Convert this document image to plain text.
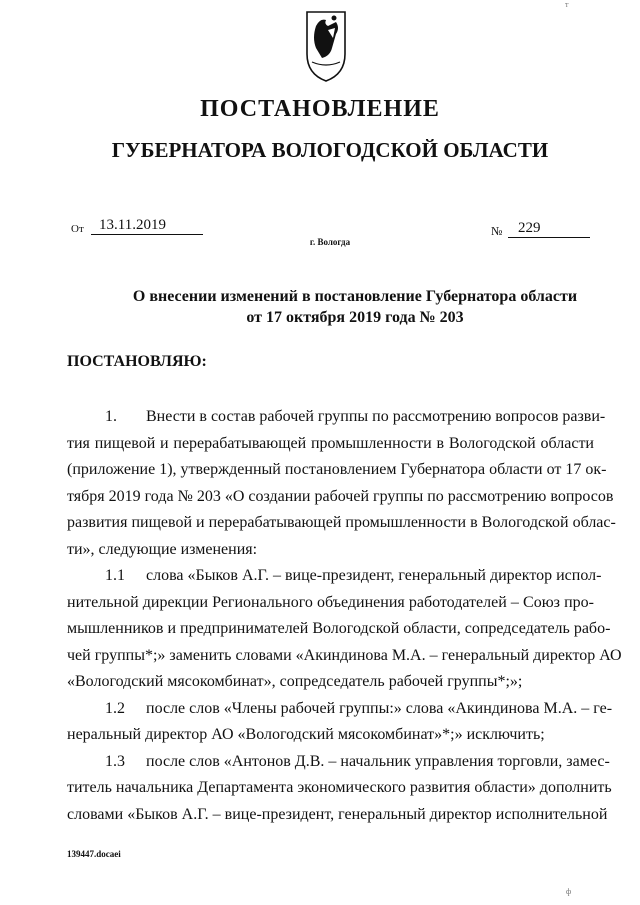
т
ПОСТАНОВЛЕНИЕ
ГУБЕРНАТОРА ВОЛОГОДСКОЙ ОБЛАСТИ
От	13.11.2019	№	229
г. Вологда
О внесении изменений в постановление Губернатора области
от 17 октября 2019 года № 203
ПОСТАНОВЛЯЮ:
1. Внести в состав рабочей группы по рассмотрению вопросов разви-
тия пищевой и перерабатывающей промышленности в Вологодской области
(приложение 1), утвержденный постановлением Губернатора области от 17 ок-
тября 2019 года № 203 «О создании рабочей группы по рассмотрению вопросов
развития пищевой и перерабатывающей промышленности в Вологодской облас-
ти», следующие изменения:
1.1 слова «Быков А.Г. – вице-президент, генеральный директор испол-
нительной дирекции Регионального объединения работодателей – Союз про-
мышленников и предпринимателей Вологодской области, сопредседатель рабо-
чей группы*;» заменить словами «Акиндинова М.А. – генеральный директор АО
«Вологодский мясокомбинат», сопредседатель рабочей группы*;»;
1.2 после слов «Члены рабочей группы:» слова «Акиндинова М.А. – ге-
неральный директор АО «Вологодский мясокомбинат»*;» исключить;
1.3 после слов «Антонов Д.В. – начальник управления торговли, замес-
титель начальника Департамента экономического развития области» дополнить
словами «Быков А.Г. – вице-президент, генеральный директор исполнительной
139447.docaei
ф
